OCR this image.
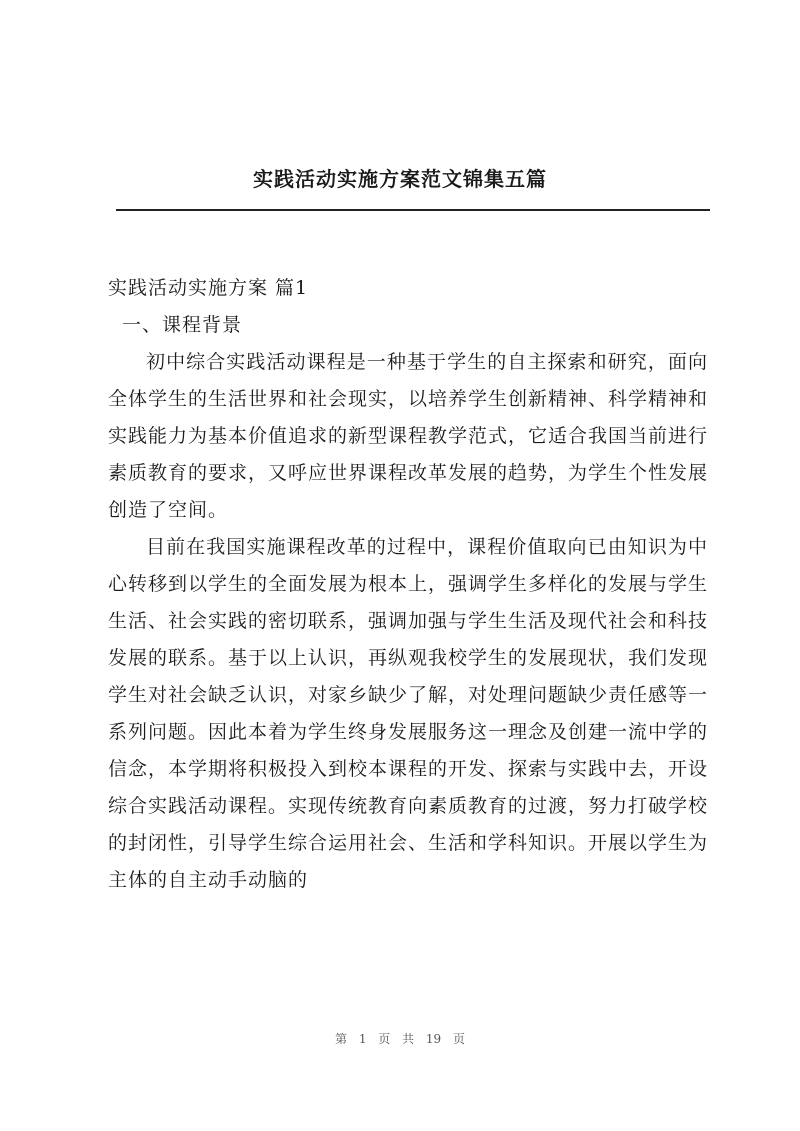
实践活动实施方案范文锦集五篇

实践活动实施方案 篇1

一、课程背景

初中综合实践活动课程是一种基于学生的自主探索和研究，面向全体学生的生活世界和社会现实，以培养学生创新精神、科学精神和实践能力为基本价值追求的新型课程教学范式，它适合我国当前进行素质教育的要求，又呼应世界课程改革发展的趋势，为学生个性发展创造了空间。

目前在我国实施课程改革的过程中，课程价值取向已由知识为中心转移到以学生的全面发展为根本上，强调学生多样化的发展与学生生活、社会实践的密切联系，强调加强与学生生活及现代社会和科技发展的联系。基于以上认识，再纵观我校学生的发展现状，我们发现学生对社会缺乏认识，对家乡缺少了解，对处理问题缺少责任感等一系列问题。因此本着为学生终身发展服务这一理念及创建一流中学的信念，本学期将积极投入到校本课程的开发、探索与实践中去，开设综合实践活动课程。实现传统教育向素质教育的过渡，努力打破学校的封闭性，引导学生综合运用社会、生活和学科知识。开展以学生为主体的自主动手动脑的

第 1 页 共 19 页
